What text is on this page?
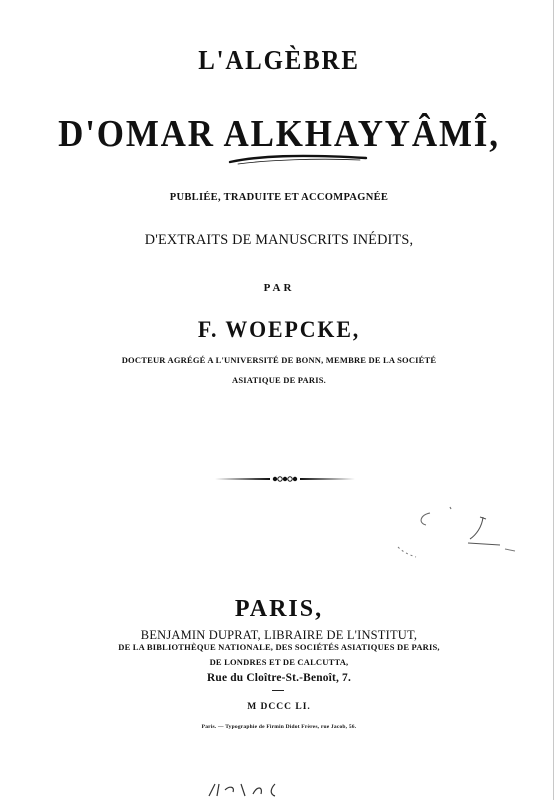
L'ALGÈBRE
D'OMAR ALKHAYYÂMÎ,
PUBLIÉE, TRADUITE ET ACCOMPAGNÉE
D'EXTRAITS DE MANUSCRITS INÉDITS,
PAR
F. WOEPCKE,
DOCTEUR AGRÉGÉ A L'UNIVERSITÉ DE BONN, MEMBRE DE LA SOCIÉTÉ
ASIATIQUE DE PARIS.
PARIS,
BENJAMIN DUPRAT, LIBRAIRE DE L'INSTITUT,
DE LA BIBLIOTHÈQUE NATIONALE, DES SOCIÉTÉS ASIATIQUES DE PARIS,
DE LONDRES ET DE CALCUTTA,
Rue du Cloître-St.-Benoît, 7.
M DCCC LI.
Paris. — Typographie de Firmin Didot Frères, rue Jacob, 56.
